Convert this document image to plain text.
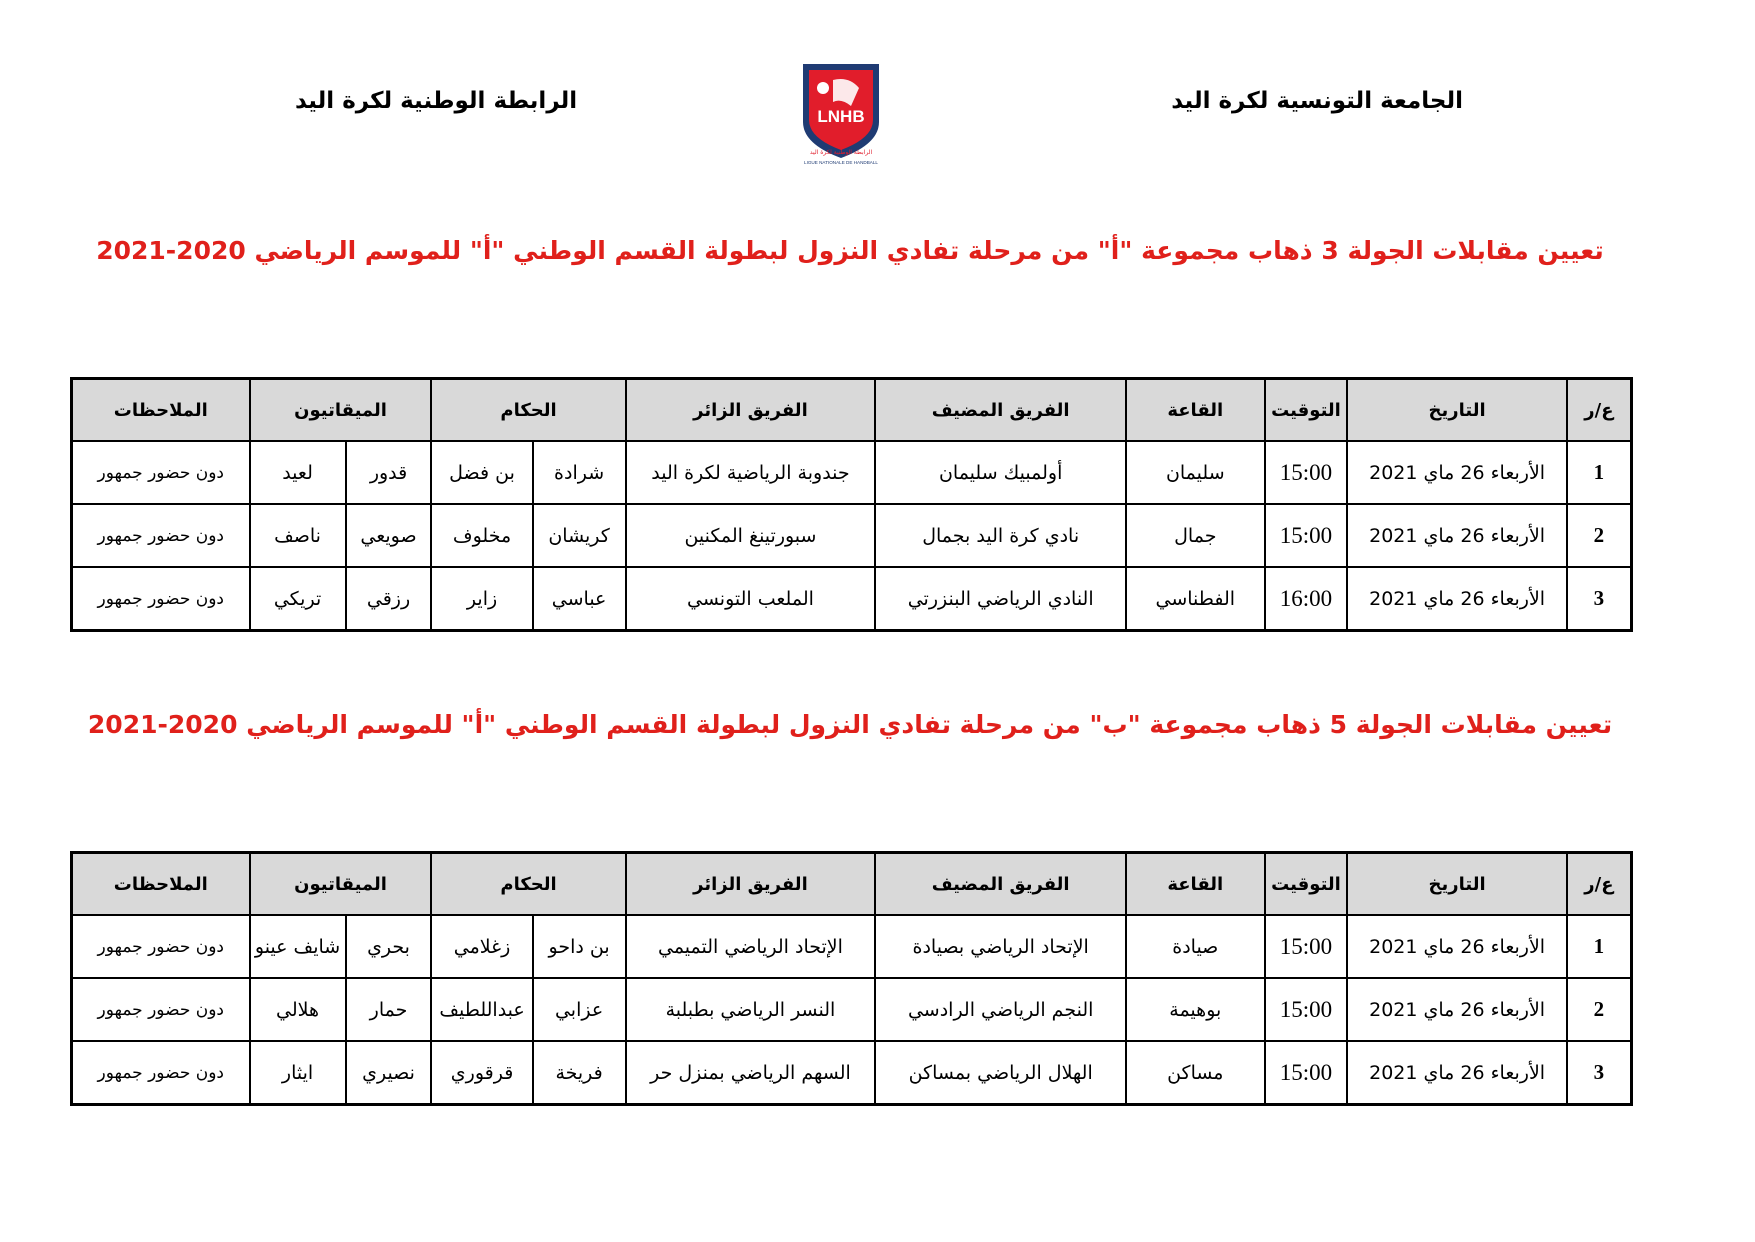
الجامعة التونسية لكرة اليد
الرابطة الوطنية لكرة اليد
LNHB
الرابطة الوطنية لكرة اليد
LIGUE NATIONALE DE HANDBALL
تعيين مقابلات الجولة 3 ذهاب مجموعة "أ" من مرحلة تفادي النزول لبطولة القسم الوطني "أ" للموسم الرياضي 2020-2021
تعيين مقابلات الجولة 5 ذهاب مجموعة "ب" من مرحلة تفادي النزول لبطولة القسم الوطني "أ" للموسم الرياضي 2020-2021
ع/ر	التاريخ	التوقيت	القاعة	الفريق المضيف	الفريق الزائر	الحكام		الميقاتيون		الملاحظات
1	الأربعاء 26 ماي 2021	15:00	سليمان	أولمبيك سليمان	جندوبة الرياضية لكرة اليد	شرادة	بن فضل	قدور	لعيد	دون حضور جمهور
2	الأربعاء 26 ماي 2021	15:00	جمال	نادي كرة اليد بجمال	سبورتينغ المكنين	كريشان	مخلوف	صويعي	ناصف	دون حضور جمهور
3	الأربعاء 26 ماي 2021	16:00	الفطناسي	النادي الرياضي البنزرتي	الملعب التونسي	عباسي	زاير	رزقي	تريكي	دون حضور جمهور
ع/ر	التاريخ	التوقيت	القاعة	الفريق المضيف	الفريق الزائر	الحكام		الميقاتيون		الملاحظات
1	الأربعاء 26 ماي 2021	15:00	صيادة	الإتحاد الرياضي بصيادة	الإتحاد الرياضي التميمي	بن داحو	زغلامي	بحري	شايف عينو	دون حضور جمهور
2	الأربعاء 26 ماي 2021	15:00	بوهيمة	النجم الرياضي الرادسي	النسر الرياضي بطبلبة	عزابي	عبداللطيف	حمار	هلالي	دون حضور جمهور
3	الأربعاء 26 ماي 2021	15:00	مساكن	الهلال الرياضي بمساكن	السهم الرياضي بمنزل حر	فريخة	قرقوري	نصيري	ايثار	دون حضور جمهور
